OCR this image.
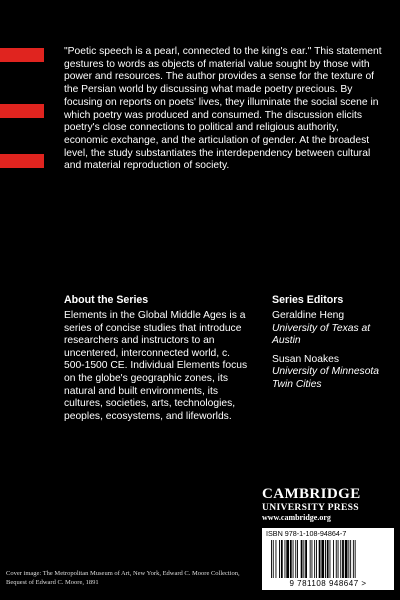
"Poetic speech is a pearl, connected to the king's ear." This statement gestures to words as objects of material value sought by those with power and resources. The author provides a sense for the texture of the Persian world by discussing what made poetry precious. By focusing on reports on poets' lives, they illuminate the social scene in which poetry was produced and consumed. The discussion elicits poetry's close connections to political and religious authority, economic exchange, and the articulation of gender. At the broadest level, the study substantiates the interdependency between cultural and material reproduction of society.

About the Series

Elements in the Global Middle Ages is a series of concise studies that introduce researchers and instructors to an uncentered, interconnected world, c. 500-1500 CE. Individual Elements focus on the globe's geographic zones, its natural and built environments, its cultures, societies, arts, technologies, peoples, ecosystems, and lifeworlds.

Series Editors
Geraldine Heng
University of Texas at Austin
Susan Noakes
University of Minnesota Twin Cities
CAMBRIDGE
UNIVERSITY PRESS
www.cambridge.org
ISBN 978-1-108-94864-7
9 781108 948647 >
Cover image: The Metropolitan Museum of Art, New York, Edward C. Moore Collection, Bequest of Edward C. Moore, 1891
